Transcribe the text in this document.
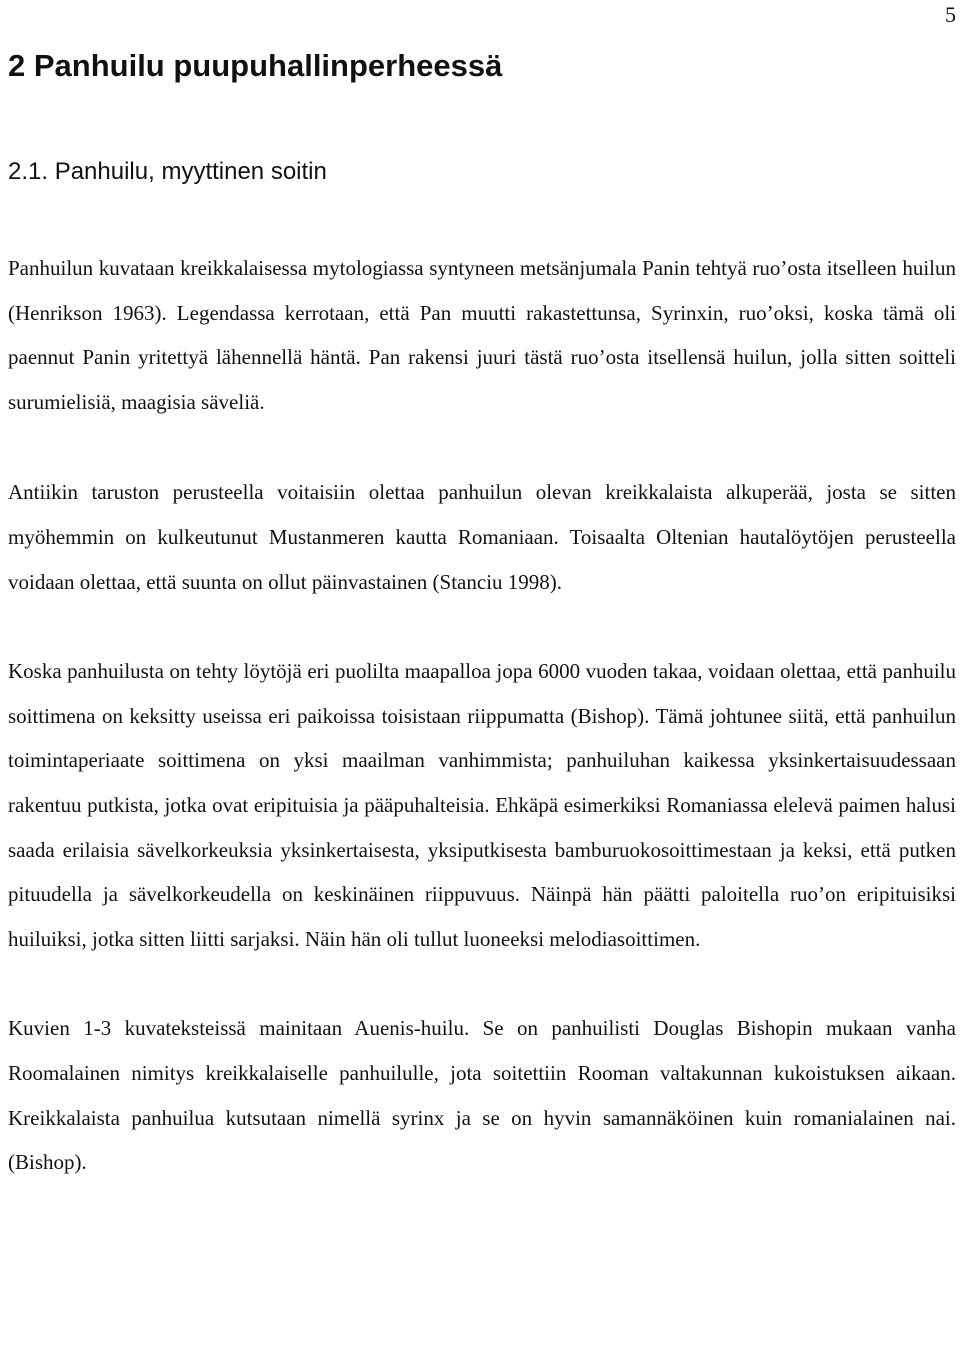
5
2 Panhuilu puupuhallinperheessä
2.1. Panhuilu, myyttinen soitin

Panhuilun kuvataan kreikkalaisessa mytologiassa syntyneen metsänjumala Panin tehtyä ruo’osta itselleen huilun (Henrikson 1963). Legendassa kerrotaan, että Pan muutti rakastettunsa, Syrinxin, ruo’oksi, koska tämä oli paennut Panin yritettyä lähennellä häntä. Pan rakensi juuri tästä ruo’osta itsellensä huilun, jolla sitten soitteli surumielisiä, maagisia säveliä.

Antiikin taruston perusteella voitaisiin olettaa panhuilun olevan kreikkalaista alkuperää, josta se sitten myöhemmin on kulkeutunut Mustanmeren kautta Romaniaan. Toisaalta Oltenian hautalöytöjen perusteella voidaan olettaa, että suunta on ollut päinvastainen (Stanciu 1998).

Koska panhuilusta on tehty löytöjä eri puolilta maapalloa jopa 6000 vuoden takaa, voidaan olettaa, että panhuilu soittimena on keksitty useissa eri paikoissa toisistaan riippumatta (Bishop). Tämä johtunee siitä, että panhuilun toimintaperiaate soittimena on yksi maailman vanhimmista; panhuiluhan kaikessa yksinkertaisuudessaan rakentuu putkista, jotka ovat eripituisia ja pääpuhalteisia. Ehkäpä esimerkiksi Romaniassa elelevä paimen halusi saada erilaisia sävelkorkeuksia yksinkertaisesta, yksiputkisesta bamburuokosoittimestaan ja keksi, että putken pituudella ja sävelkorkeudella on keskinäinen riippuvuus. Näinpä hän päätti paloitella ruo’on eripituisiksi huiluiksi, jotka sitten liitti sarjaksi. Näin hän oli tullut luoneeksi melodiasoittimen.

Kuvien 1-3 kuvateksteissä mainitaan Auenis-huilu. Se on panhuilisti Douglas Bishopin mukaan vanha Roomalainen nimitys kreikkalaiselle panhuilulle, jota soitettiin Rooman valtakunnan kukoistuksen aikaan. Kreikkalaista panhuilua kutsutaan nimellä syrinx ja se on hyvin samannäköinen kuin romanialainen nai. (Bishop).
